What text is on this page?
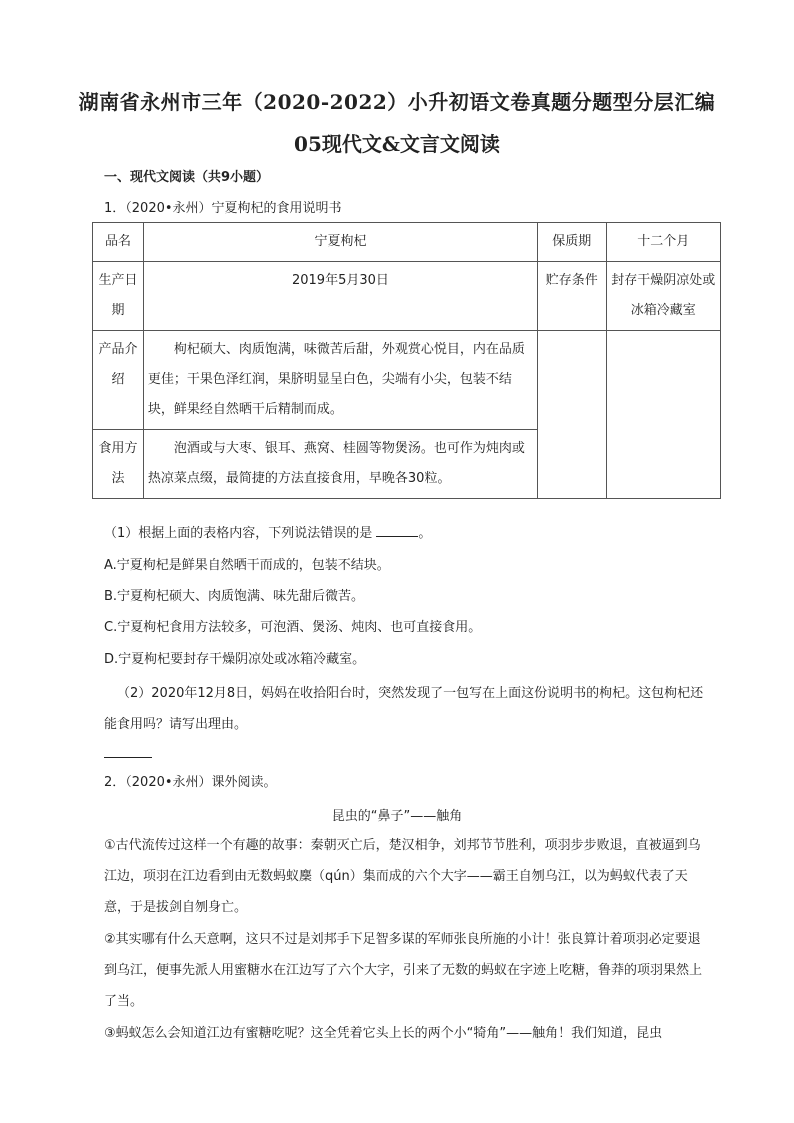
湖南省永州市三年（2020-2022）小升初语文卷真题分题型分层汇编
05现代文&文言文阅读
一、现代文阅读（共9小题）
1．（2020•永州）宁夏枸杞的食用说明书
品名	宁夏枸杞	保质期	十二个月
生产日期	2019年5月30日	贮存条件	封存干燥阴凉处或冰箱冷藏室
产品介绍	枸杞硕大、肉质饱满，味微苦后甜，外观赏心悦目，内在品质更佳；干果色泽红润，果脐明显呈白色，尖端有小尖，包装不结块，鲜果经自然晒干后精制而成。		
食用方法	泡酒或与大枣、银耳、燕窝、桂圆等物煲汤。也可作为炖肉或热凉菜点缀，最简捷的方法直接食用，早晚各30粒。		
（1）根据上面的表格内容，下列说法错误的是	。
A.宁夏枸杞是鲜果自然晒干而成的，包装不结块。
B.宁夏枸杞硕大、肉质饱满、味先甜后微苦。
C.宁夏枸杞食用方法较多，可泡酒、煲汤、炖肉、也可直接食用。
D.宁夏枸杞要封存干燥阴凉处或冰箱冷藏室。
（2）2020年12月8日，妈妈在收拾阳台时，突然发现了一包写在上面这份说明书的枸杞。这包枸杞还能食用吗？请写出理由。
2．（2020•永州）课外阅读。
昆虫的“鼻子”——触角
①古代流传过这样一个有趣的故事：秦朝灭亡后，楚汉相争，刘邦节节胜利，项羽步步败退，直被逼到乌江边，项羽在江边看到由无数蚂蚁麇（qún）集而成的六个大字——霸王自刎乌江，以为蚂蚁代表了天意，于是拔剑自刎身亡。
②其实哪有什么天意啊，这只不过是刘邦手下足智多谋的军师张良所施的小计！张良算计着项羽必定要退到乌江，便事先派人用蜜糖水在江边写了六个大字，引来了无数的蚂蚁在字迹上吃糖，鲁莽的项羽果然上了当。
③蚂蚁怎么会知道江边有蜜糖吃呢？这全凭着它头上长的两个小“犄角”——触角！我们知道，昆虫
